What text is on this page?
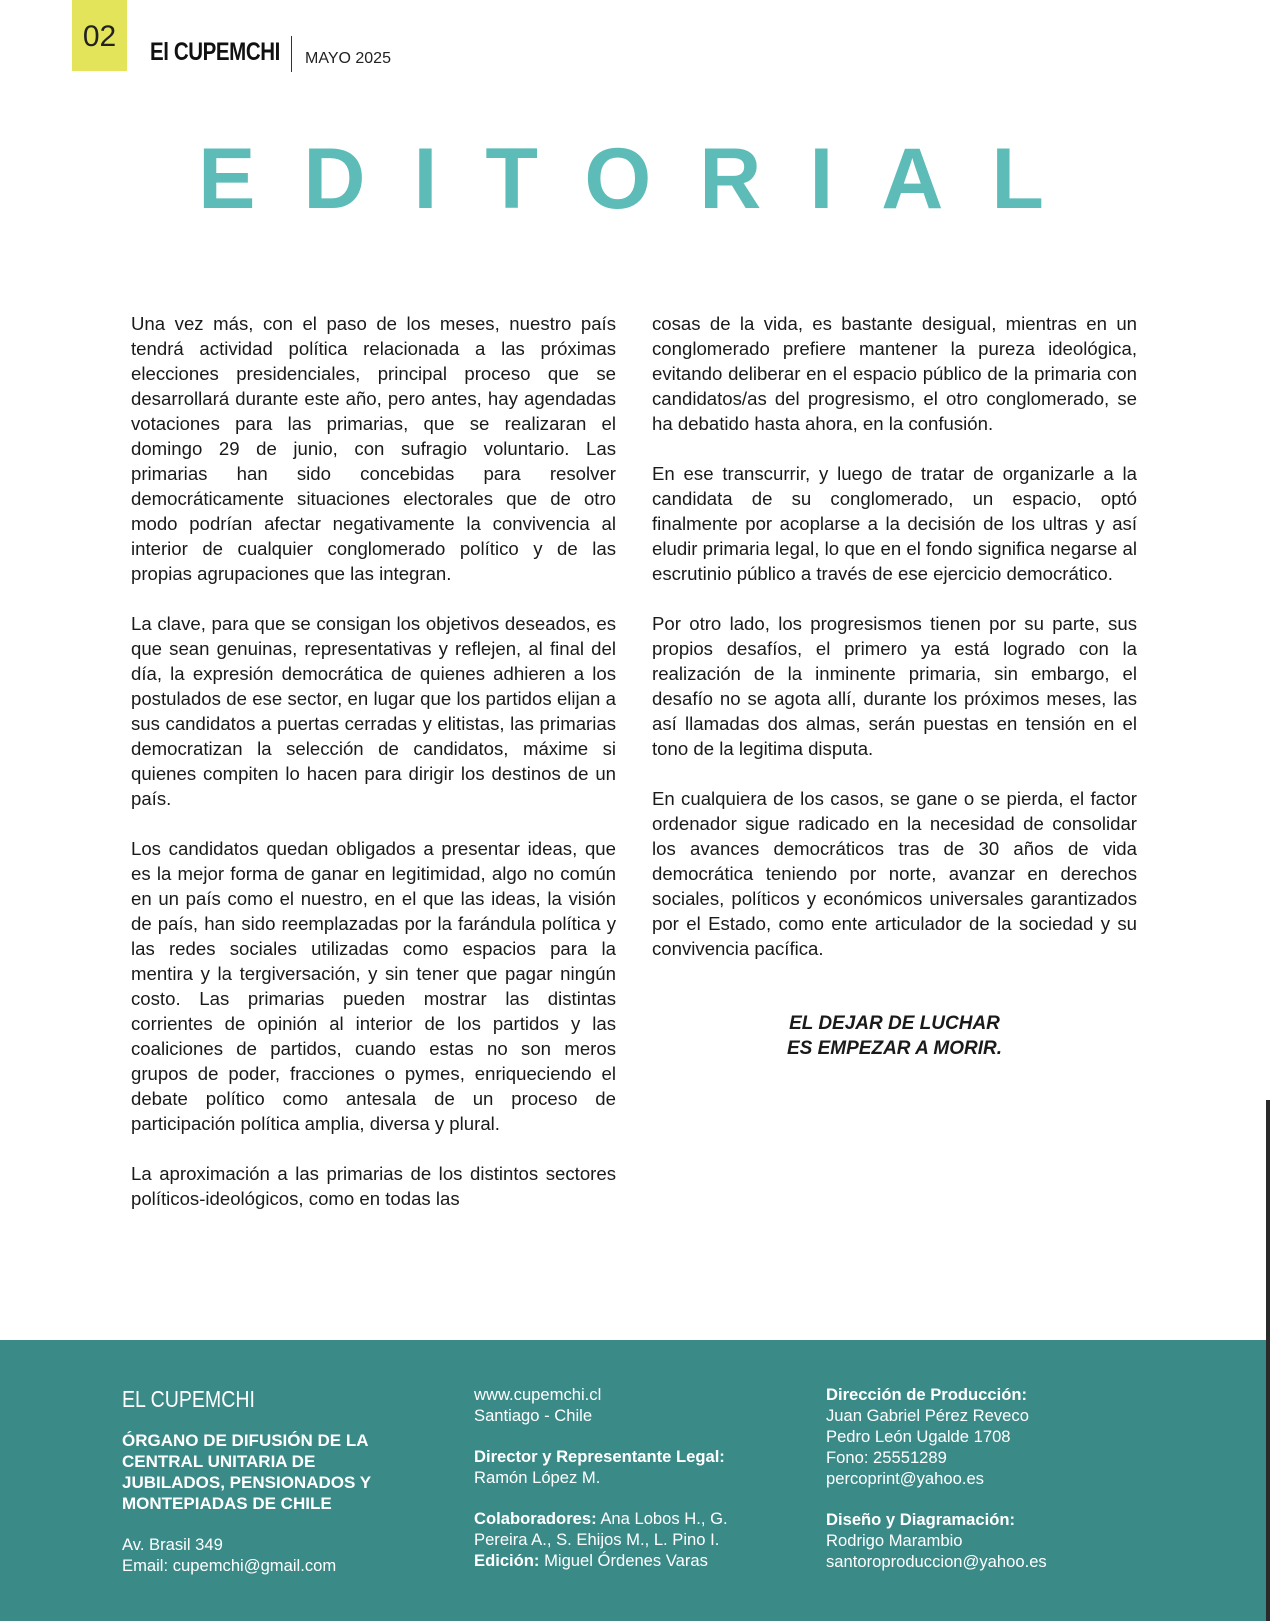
02 El CUPEMCHI MAYO 2025
EDITORIAL

Una vez más, con el paso de los meses, nuestro país tendrá actividad política relacionada a las próximas elecciones presidenciales, principal proceso que se desarrollará durante este año, pero antes, hay agendadas votaciones para las primarias, que se realizaran el domingo 29 de junio, con sufragio voluntario. Las primarias han sido concebidas para resolver democráticamente situaciones electorales que de otro modo podrían afectar negativamente la convivencia al interior de cualquier conglomerado político y de las propias agrupaciones que las integran.

La clave, para que se consigan los objetivos deseados, es que sean genuinas, representativas y reflejen, al final del día, la expresión democrática de quienes adhieren a los postulados de ese sector, en lugar que los partidos elijan a sus candidatos a puertas cerradas y elitistas, las primarias democratizan la selección de candidatos, máxime si quienes compiten lo hacen para dirigir los destinos de un país.

Los candidatos quedan obligados a presentar ideas, que es la mejor forma de ganar en legitimidad, algo no común en un país como el nuestro, en el que las ideas, la visión de país, han sido reemplazadas por la farándula política y las redes sociales utilizadas como espacios para la mentira y la tergiversación, y sin tener que pagar ningún costo. Las primarias pueden mostrar las distintas corrientes de opinión al interior de los partidos y las coaliciones de partidos, cuando estas no son meros grupos de poder, fracciones o pymes, enriqueciendo el debate político como antesala de un proceso de participación política amplia, diversa y plural.

La aproximación a las primarias de los distintos sectores políticos-ideológicos, como en todas las

cosas de la vida, es bastante desigual, mientras en un conglomerado prefiere mantener la pureza ideológica, evitando deliberar en el espacio público de la primaria con candidatos/as del progresismo, el otro conglomerado, se ha debatido hasta ahora, en la confusión.

En ese transcurrir, y luego de tratar de organizarle a la candidata de su conglomerado, un espacio, optó finalmente por acoplarse a la decisión de los ultras y así eludir primaria legal, lo que en el fondo significa negarse al escrutinio público a través de ese ejercicio democrático.

Por otro lado, los progresismos tienen por su parte, sus propios desafíos, el primero ya está logrado con la realización de la inminente primaria, sin embargo, el desafío no se agota allí, durante los próximos meses, las así llamadas dos almas, serán puestas en tensión en el tono de la legitima disputa.

En cualquiera de los casos, se gane o se pierda, el factor ordenador sigue radicado en la necesidad de consolidar los avances democráticos tras de 30 años de vida democrática teniendo por norte, avanzar en derechos sociales, políticos y económicos universales garantizados por el Estado, como ente articulador de la sociedad y su convivencia pacífica.

EL DEJAR DE LUCHAR
ES EMPEZAR A MORIR.
EL CUPEMCHI
ÓRGANO DE DIFUSIÓN DE LA CENTRAL UNITARIA DE JUBILADOS, PENSIONADOS Y MONTEPIADAS DE CHILE
Av. Brasil 349
Email: cupemchi@gmail.com
www.cupemchi.cl
Santiago - Chile
Director y Representante Legal:
Ramón López M.
Colaboradores: Ana Lobos H., G.
Pereira A., S. Ehijos M., L. Pino I.
Edición: Miguel Órdenes Varas
Dirección de Producción:
Juan Gabriel Pérez Reveco
Pedro León Ugalde 1708
Fono: 25551289
percoprint@yahoo.es
Diseño y Diagramación:
Rodrigo Marambio
santoroproduccion@yahoo.es
